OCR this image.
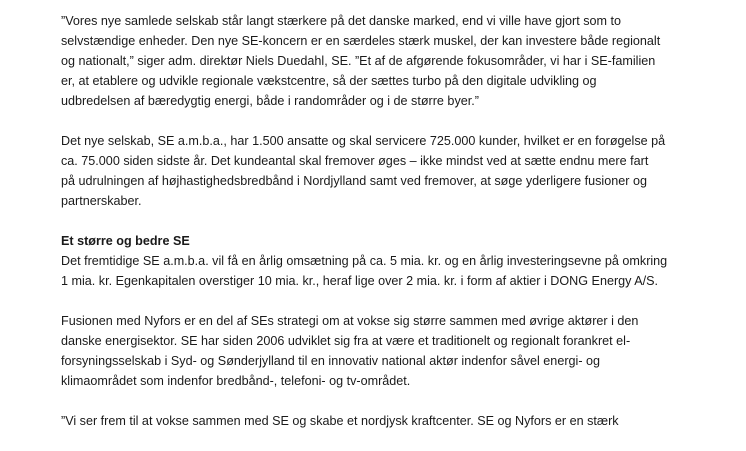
”Vores nye samlede selskab står langt stærkere på det danske marked, end vi ville have gjort som to
selvstændige enheder. Den nye SE-koncern er en særdeles stærk muskel, der kan investere både regionalt
og nationalt,” siger adm. direktør Niels Duedahl, SE. ”Et af de afgørende fokusområder, vi har i SE-familien
er, at etablere og udvikle regionale vækstcentre, så der sættes turbo på den digitale udvikling og
udbredelsen af bæredygtig energi, både i randområder og i de større byer.”
Det nye selskab, SE a.m.b.a., har 1.500 ansatte og skal servicere 725.000 kunder, hvilket er en forøgelse på
ca. 75.000 siden sidste år. Det kundeantal skal fremover øges – ikke mindst ved at sætte endnu mere fart
på udrulningen af højhastighedsbredbånd i Nordjylland samt ved fremover, at søge yderligere fusioner og
partnerskaber.
Et større og bedre SE
Det fremtidige SE a.m.b.a. vil få en årlig omsætning på ca. 5 mia. kr. og en årlig investeringsevne på omkring
1 mia. kr. Egenkapitalen overstiger 10 mia. kr., heraf lige over 2 mia. kr. i form af aktier i DONG Energy A/S.
Fusionen med Nyfors er en del af SEs strategi om at vokse sig større sammen med øvrige aktører i den
danske energisektor. SE har siden 2006 udviklet sig fra at være et traditionelt og regionalt forankret el-
forsyningsselskab i Syd- og Sønderjylland til en innovativ national aktør indenfor såvel energi- og
klimaområdet som indenfor bredbånd-, telefoni- og tv-området.
”Vi ser frem til at vokse sammen med SE og skabe et nordjysk kraftcenter. SE og Nyfors er en stærk
